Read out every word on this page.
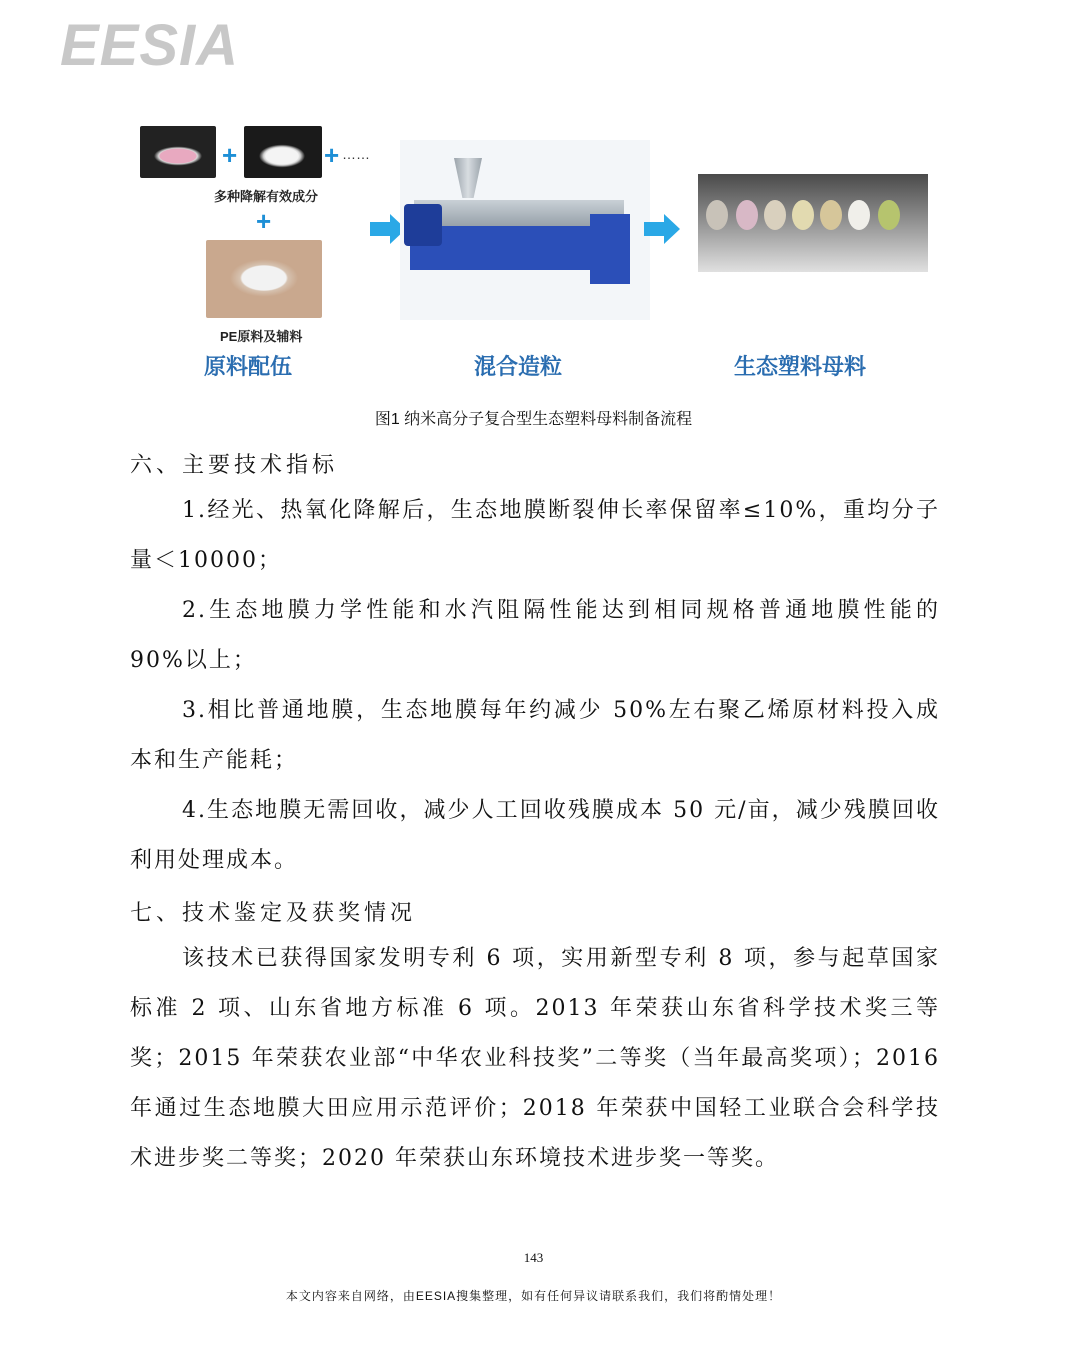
EESIA
+	+ ……
多种降解有效成分
+
PE原料及辅料
原料配伍	混合造粒	生态塑料母料
图1 纳米高分子复合型生态塑料母料制备流程
六、主要技术指标
1.经光、热氧化降解后，生态地膜断裂伸长率保留率≤10%，重均分子量＜10000；
2.生态地膜力学性能和水汽阻隔性能达到相同规格普通地膜性能的 90%以上；
3.相比普通地膜，生态地膜每年约减少 50%左右聚乙烯原材料投入成本和生产能耗；
4.生态地膜无需回收，减少人工回收残膜成本 50 元/亩，减少残膜回收利用处理成本。
七、技术鉴定及获奖情况
该技术已获得国家发明专利 6 项，实用新型专利 8 项，参与起草国家标准 2 项、山东省地方标准 6 项。2013 年荣获山东省科学技术奖三等奖；2015 年荣获农业部“中华农业科技奖”二等奖（当年最高奖项）；2016 年通过生态地膜大田应用示范评价；2018 年荣获中国轻工业联合会科学技术进步奖二等奖；2020 年荣获山东环境技术进步奖一等奖。
143
本文内容来自网络，由EESIA搜集整理，如有任何异议请联系我们，我们将酌情处理！
